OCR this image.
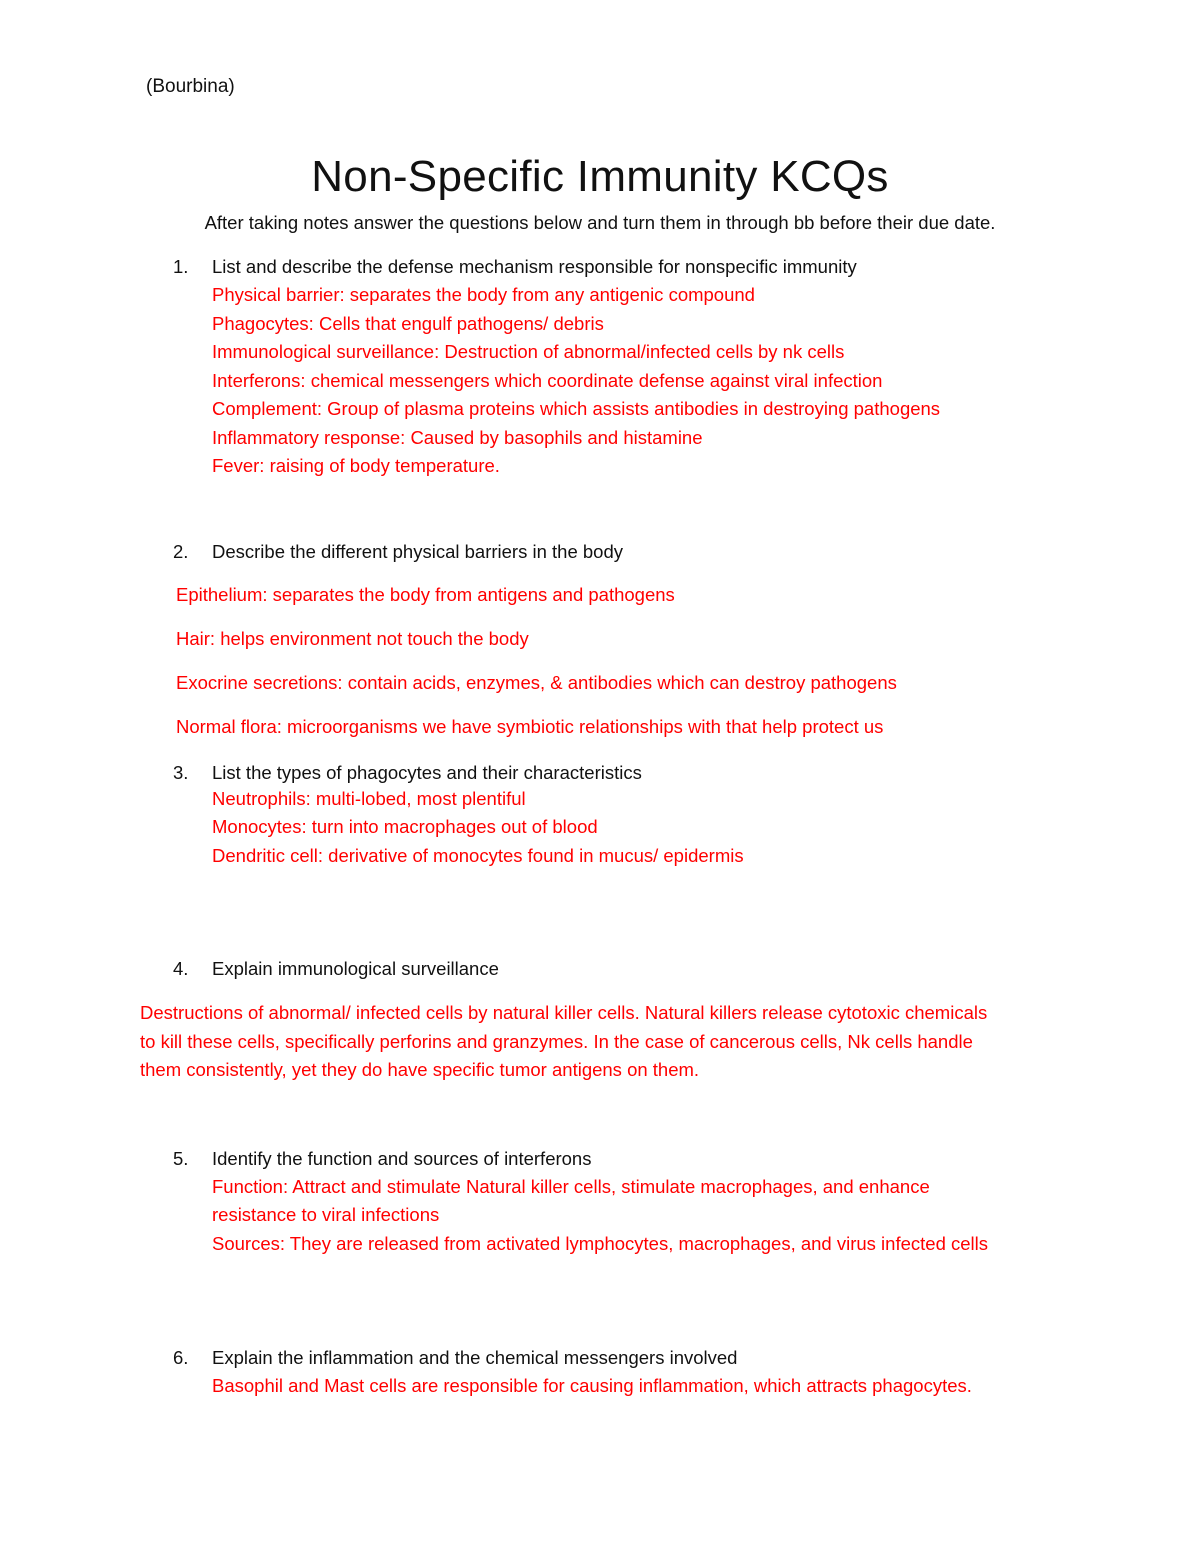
(Bourbina)
Non-Specific Immunity KCQs
After taking notes answer the questions below and turn them in through bb before their due date.
1. List and describe the defense mechanism responsible for nonspecific immunity
Physical barrier: separates the body from any antigenic compound
Phagocytes: Cells that engulf pathogens/ debris
Immunological surveillance: Destruction of abnormal/infected cells by nk cells
Interferons: chemical messengers which coordinate defense against viral infection
Complement: Group of plasma proteins which assists antibodies in destroying pathogens
Inflammatory response: Caused by basophils and histamine
Fever: raising of body temperature.
2. Describe the different physical barriers in the body
Epithelium: separates the body from antigens and pathogens
Hair: helps environment not touch the body
Exocrine secretions: contain acids, enzymes, & antibodies which can destroy pathogens
Normal flora: microorganisms we have symbiotic relationships with that help protect us
3. List the types of phagocytes and their characteristics
Neutrophils: multi-lobed, most plentiful
Monocytes: turn into macrophages out of blood
Dendritic cell: derivative of monocytes found in mucus/ epidermis
4. Explain immunological surveillance
Destructions of abnormal/ infected cells by natural killer cells. Natural killers release cytotoxic chemicals
to kill these cells, specifically perforins and granzymes. In the case of cancerous cells, Nk cells handle
them consistently, yet they do have specific tumor antigens on them.
5. Identify the function and sources of interferons
Function: Attract and stimulate Natural killer cells, stimulate macrophages, and enhance
resistance to viral infections
Sources: They are released from activated lymphocytes, macrophages, and virus infected cells
6. Explain the inflammation and the chemical messengers involved
Basophil and Mast cells are responsible for causing inflammation, which attracts phagocytes.
